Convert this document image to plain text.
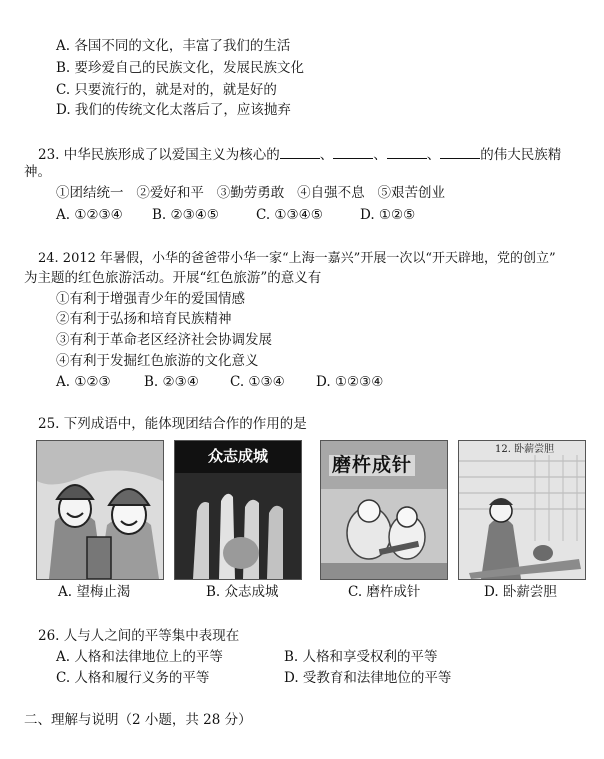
A. 各国不同的文化，丰富了我们的生活
B. 要珍爱自己的民族文化，发展民族文化
C. 只要流行的，就是对的，就是好的
D. 我们的传统文化太落后了，应该抛弃
23. 中华民族形成了以爱国主义为核心的	、	、	、	的伟大民族精
神。
①团结统一   ②爱好和平   ③勤劳勇敢   ④自强不息   ⑤艰苦创业
A. ①②③④ B. ②③④⑤	C. ①③④⑤	D. ①②⑤
24. 2012 年暑假，小华的爸爸带小华一家“上海一嘉兴”开展一次以“开天辟地，党的创立”
为主题的红色旅游活动。开展“红色旅游”的意义有
①有利于增强青少年的爱国情感
②有利于弘扬和培育民族精神
③有利于革命老区经济社会协调发展
④有利于发掘红色旅游的文化意义
A. ①②③ B. ②③④ C. ①③④ D. ①②③④
25. 下列成语中，能体现团结合作的作用的是
众志成城	磨杵成针
12. 卧薪尝胆
A. 望梅止渴	B. 众志成城	C. 磨杵成针	D. 卧薪尝胆
26. 人与人之间的平等集中表现在
A. 人格和法律地位上的平等	B. 人格和享受权利的平等
C. 人格和履行义务的平等	D. 受教育和法律地位的平等
二、理解与说明（2 小题，共 28 分）
